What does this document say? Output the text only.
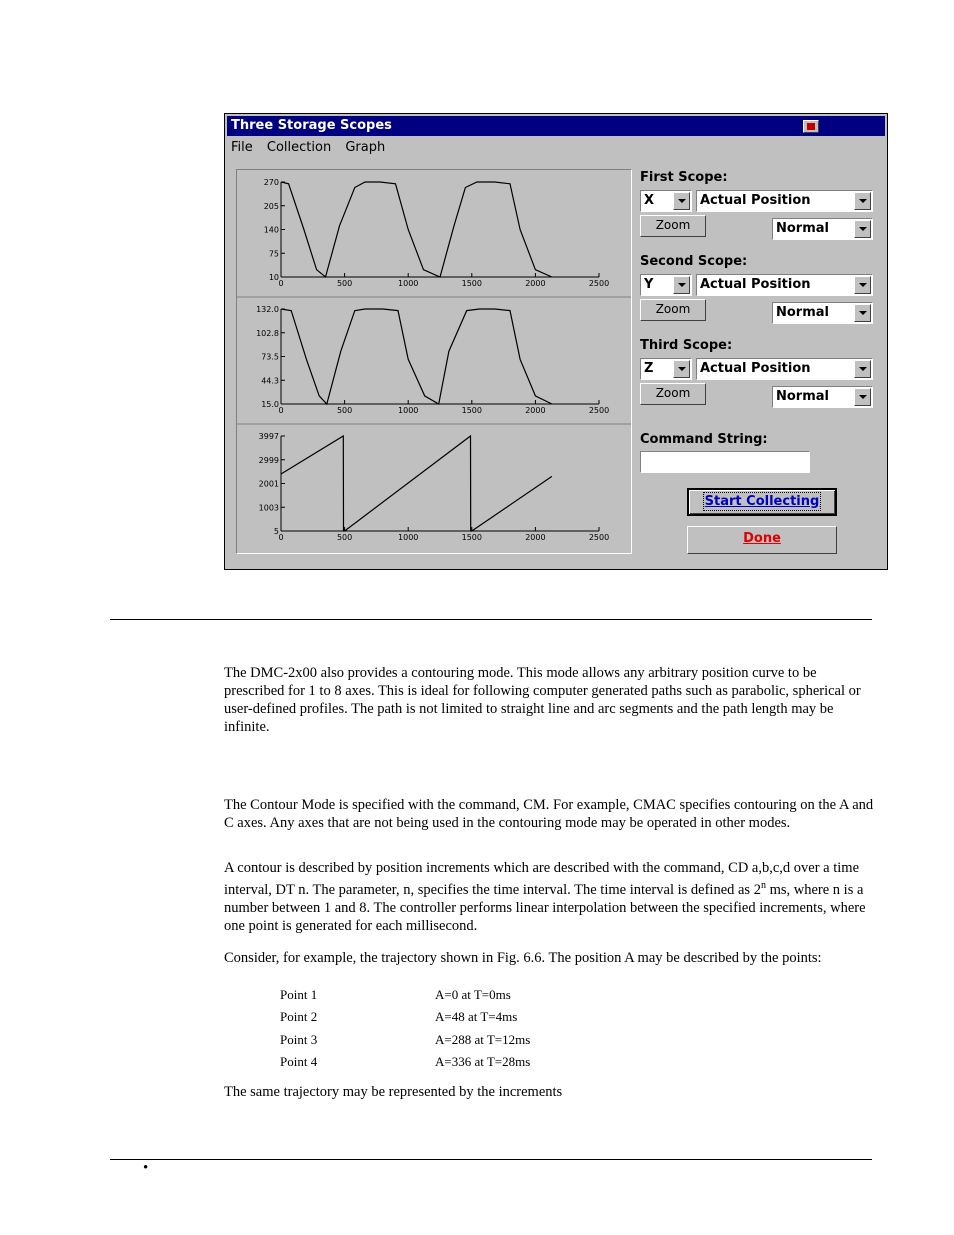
Three Storage Scopes
File Collection Graph
270
205
140
75
10
0	500	1000	1500	2000	2500
132.0
102.8
73.5
44.3
15.0
0	500	1000	1500	2000	2500
3997
2999
2001
1003
5
0	500	1000	1500	2000	2500
First Scope:
X	Actual Position
Zoom	Normal
Second Scope:
Y	Actual Position
Zoom	Normal
Third Scope:
Z	Actual Position
Zoom	Normal
Command String:
Start Collecting
Done

The DMC-2x00 also provides a contouring mode. This mode allows any arbitrary position curve to be prescribed for 1 to 8 axes. This is ideal for following computer generated paths such as parabolic, spherical or user-defined profiles. The path is not limited to straight line and arc segments and the path length may be infinite.

The Contour Mode is specified with the command, CM. For example, CMAC specifies contouring on the A and C axes. Any axes that are not being used in the contouring mode may be operated in other modes.

A contour is described by position increments which are described with the command, CD a,b,c,d over a time interval, DT n. The parameter, n, specifies the time interval. The time interval is defined as 2$^n$ ms, where n is a number between 1 and 8. The controller performs linear interpolation between the specified increments, where one point is generated for each millisecond.

Consider, for example, the trajectory shown in Fig. 6.6. The position A may be described by the points:

Point 1	A=0 at T=0ms
Point 2	A=48 at T=4ms
Point 3	A=288 at T=12ms
Point 4	A=336 at T=28ms

The same trajectory may be represented by the increments

•
